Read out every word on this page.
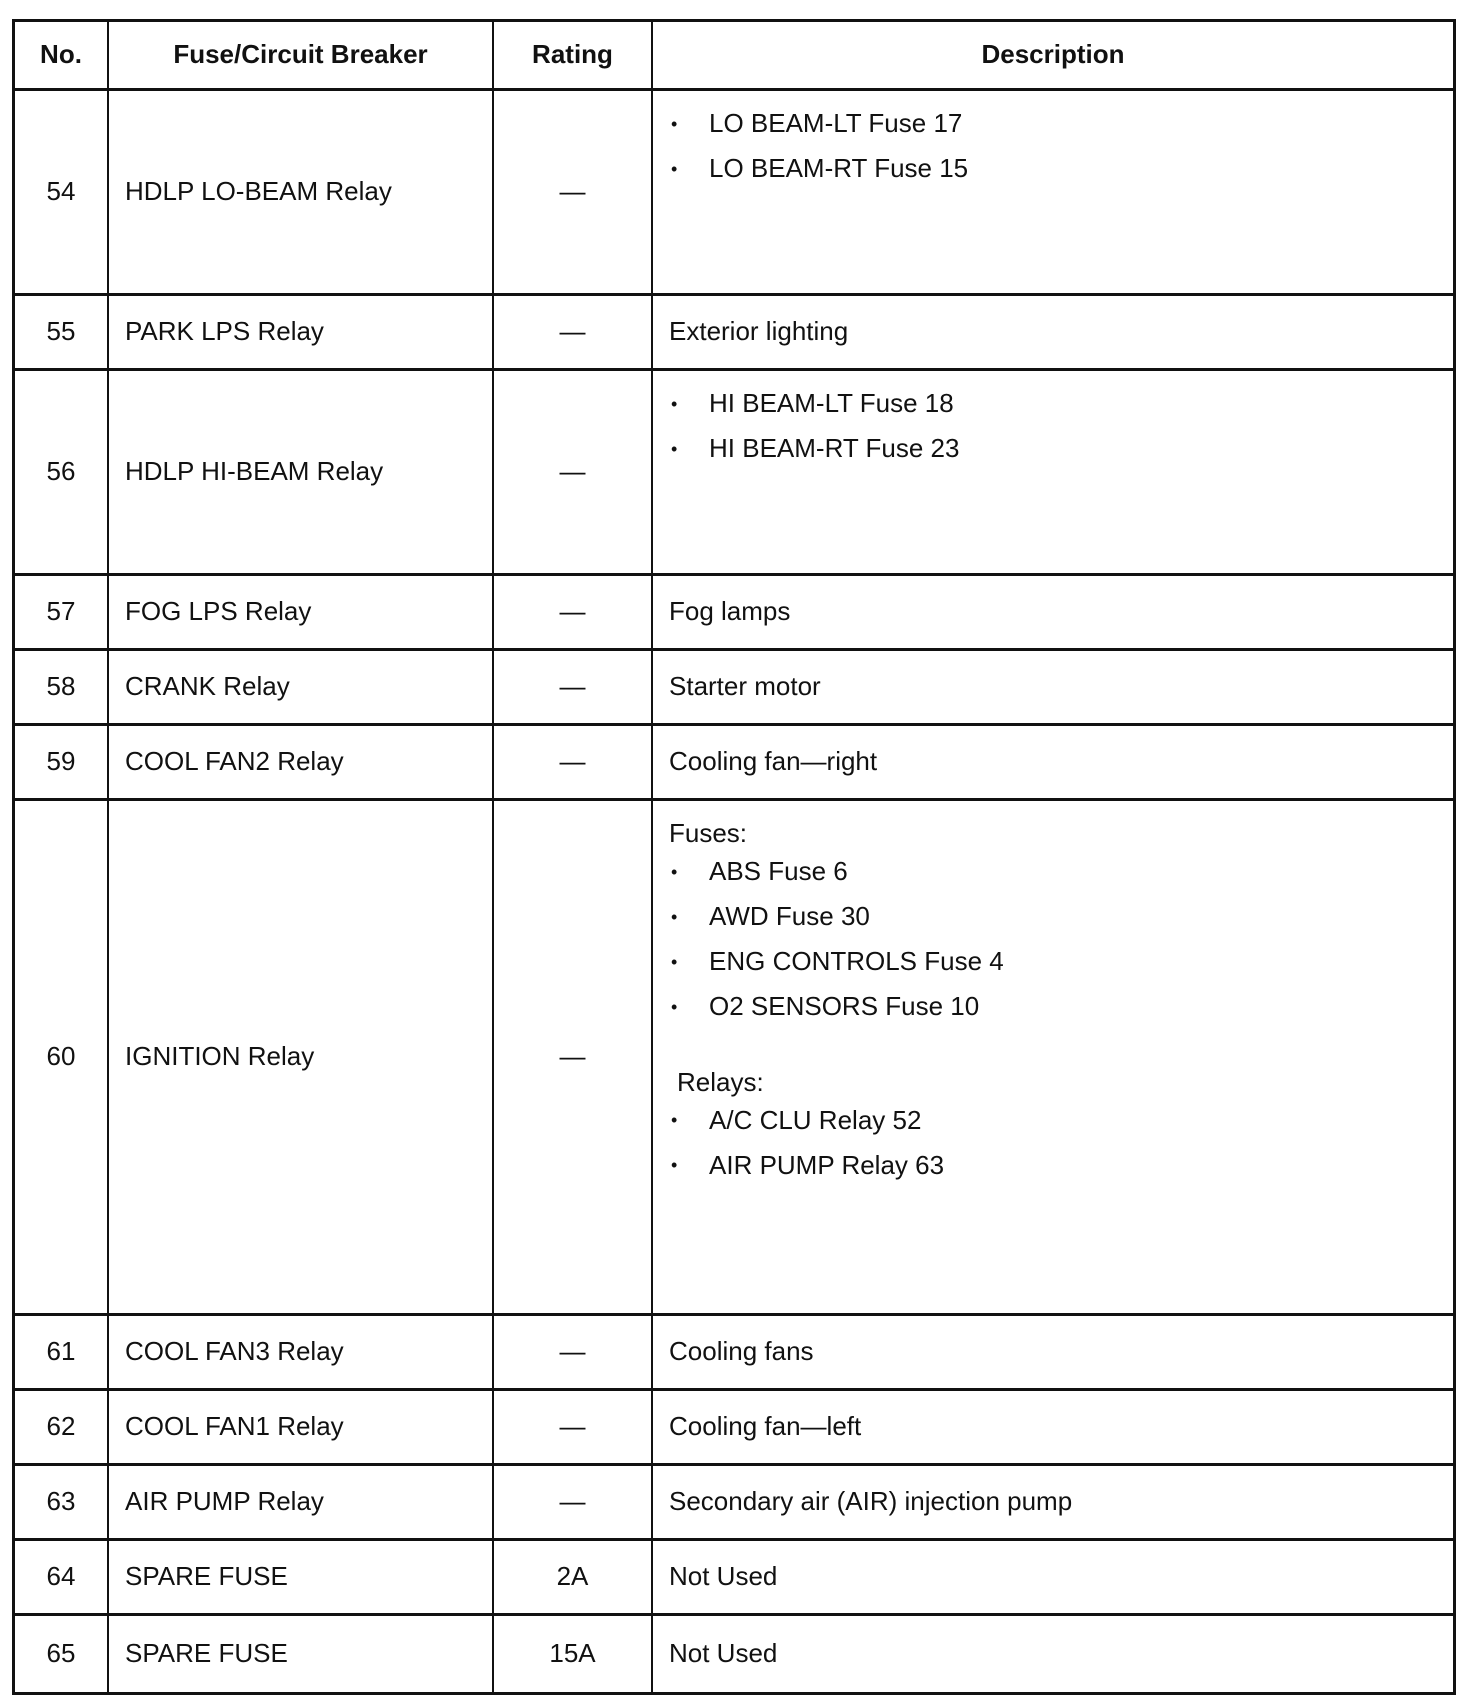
No.	Fuse/Circuit Breaker	Rating	Description
54	HDLP LO-BEAM Relay	—
•	LO BEAM-LT Fuse 17
•	LO BEAM-RT Fuse 15
55	PARK LPS Relay	—	Exterior lighting
56	HDLP HI-BEAM Relay	—
•	HI BEAM-LT Fuse 18
•	HI BEAM-RT Fuse 23
57	FOG LPS Relay	—	Fog lamps
58	CRANK Relay	—	Starter motor
59	COOL FAN2 Relay	—	Cooling fan—right
60	IGNITION Relay	—
Fuses:
•	ABS Fuse 6
•	AWD Fuse 30
•	ENG CONTROLS Fuse 4
•	O2 SENSORS Fuse 10
Relays:
•	A/C CLU Relay 52
•	AIR PUMP Relay 63
61	COOL FAN3 Relay	—	Cooling fans
62	COOL FAN1 Relay	—	Cooling fan—left
63	AIR PUMP Relay	—	Secondary air (AIR) injection pump
64	SPARE FUSE	2A	Not Used
65	SPARE FUSE	15A	Not Used
